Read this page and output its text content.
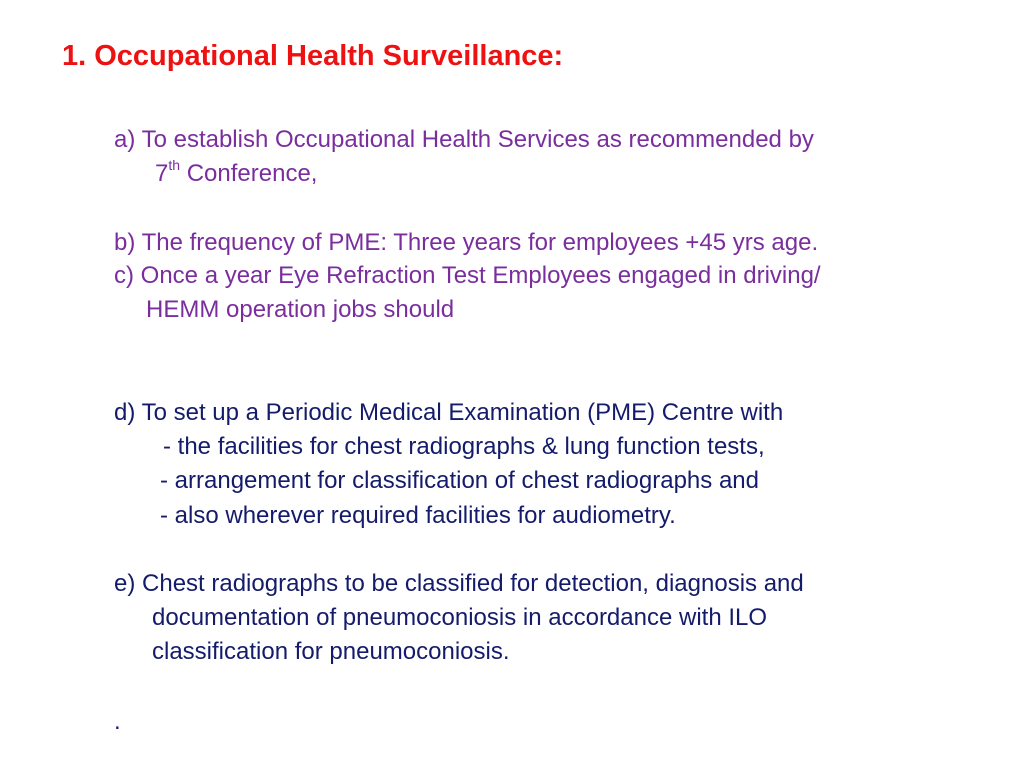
1. Occupational Health Surveillance:
a) To establish Occupational Health Services as recommended by
7th Conference,
b) The frequency of PME: Three years for employees +45 yrs age.
c) Once a year Eye Refraction Test Employees engaged in driving/
HEMM operation jobs should
d) To set up a Periodic Medical Examination (PME) Centre with
- the facilities for chest radiographs & lung function tests,
- arrangement for classification of chest radiographs and
- also wherever required facilities for audiometry.
e) Chest radiographs to be classified for detection, diagnosis and
documentation of pneumoconiosis in accordance with ILO
classification for pneumoconiosis.
.
